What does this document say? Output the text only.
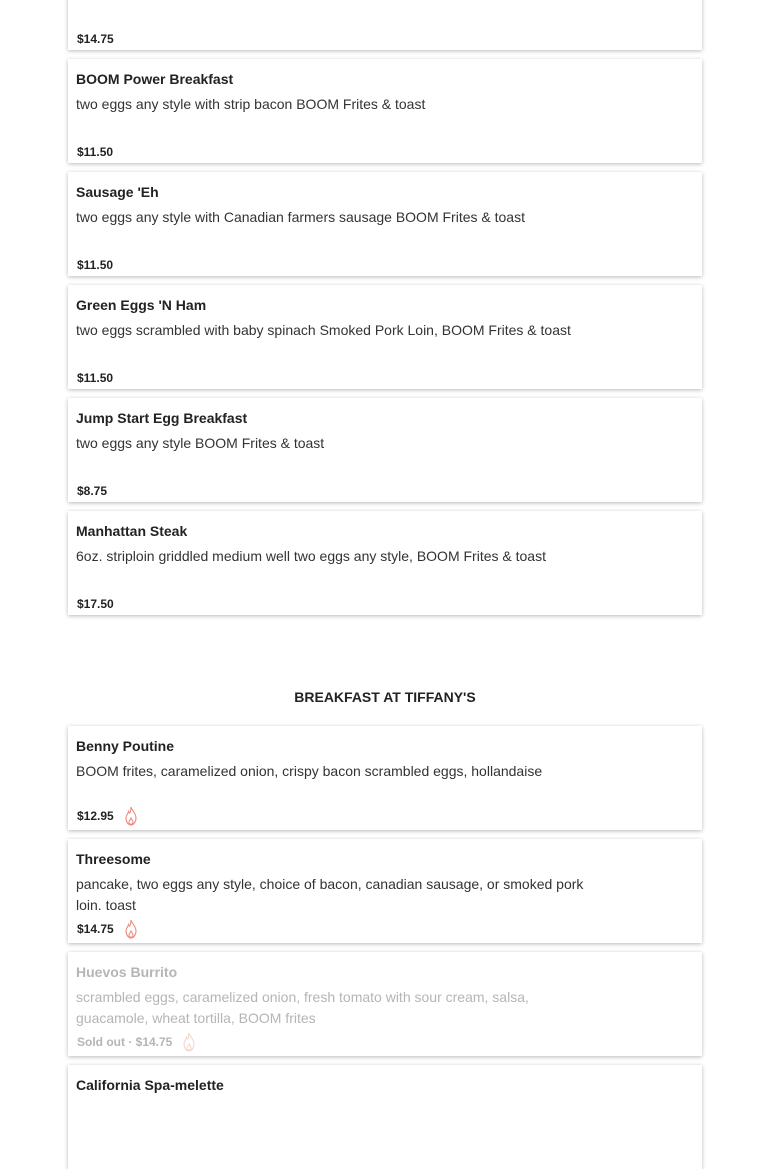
$14.75
BOOM Power Breakfast
two eggs any style with strip bacon BOOM Frites & toast
$11.50
Sausage 'Eh
two eggs any style with Canadian farmers sausage BOOM Frites & toast
$11.50
Green Eggs 'N Ham
two eggs scrambled with baby spinach Smoked Pork Loin, BOOM Frites & toast
$11.50
Jump Start Egg Breakfast
two eggs any style BOOM Frites & toast
$8.75
Manhattan Steak
6oz. striploin griddled medium well two eggs any style, BOOM Frites & toast
$17.50
BREAKFAST AT TIFFANY'S
Benny Poutine
BOOM frites, caramelized onion, crispy bacon scrambled eggs, hollandaise
$12.95
Threesome
pancake, two eggs any style, choice of bacon, canadian sausage, or smoked pork loin. toast
$14.75
Huevos Burrito
scrambled eggs, caramelized onion, fresh tomato with sour cream, salsa, guacamole, wheat tortilla, BOOM frites
Sold out · $14.75
California Spa-melette
